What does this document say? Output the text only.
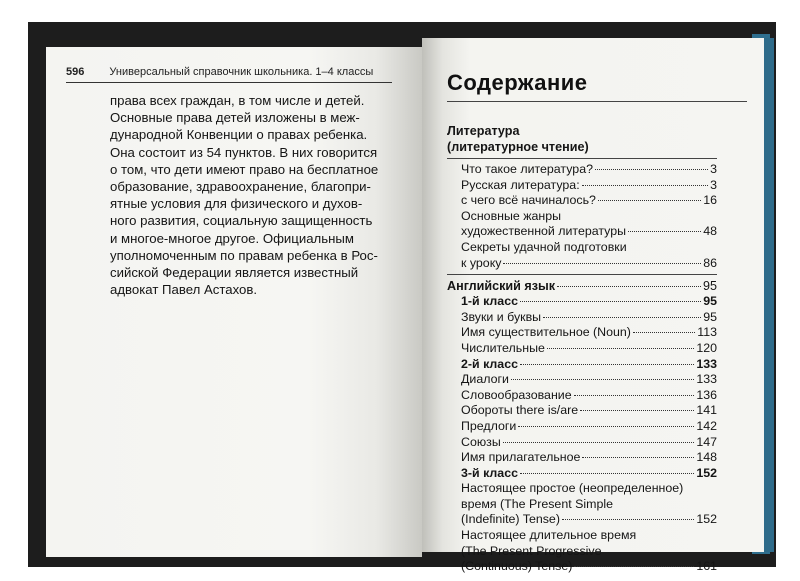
596 Универсальный справочник школьника. 1–4 классы
права всех граждан, в том числе и детей.
Основные права детей изложены в меж-
дународной Конвенции о правах ребенка.
Она состоит из 54 пунктов. В них говорится
о том, что дети имеют право на бесплатное
образование, здравоохранение, благопри-
ятные условия для физического и духов-
ного развития, социальную защищенность
и многое-многое другое. Официальным
уполномоченным по правам ребенка в Рос-
сийской Федерации является известный
адвокат Павел Астахов.
Содержание
Литература
(литературное чтение)
Что такое литература?	3
Русская литература:	3
с чего всё начиналось?	16
Основные жанры
художественной литературы	48
Секреты удачной подготовки
к уроку	86
Английский язык	95
1-й класс	95
Звуки и буквы	95
Имя существительное (Noun)	113
Числительные	120
2-й класс	133
Диалоги	133
Словообразование	136
Обороты there is/are	141
Предлоги	142
Союзы	147
Имя прилагательное	148
3-й класс	152
Настоящее простое (неопределенное)
время (The Present Simple
(Indefinite) Tense)	152
Настоящее длительное время
(The Present Progressive
(Continuous) Tense)	161
